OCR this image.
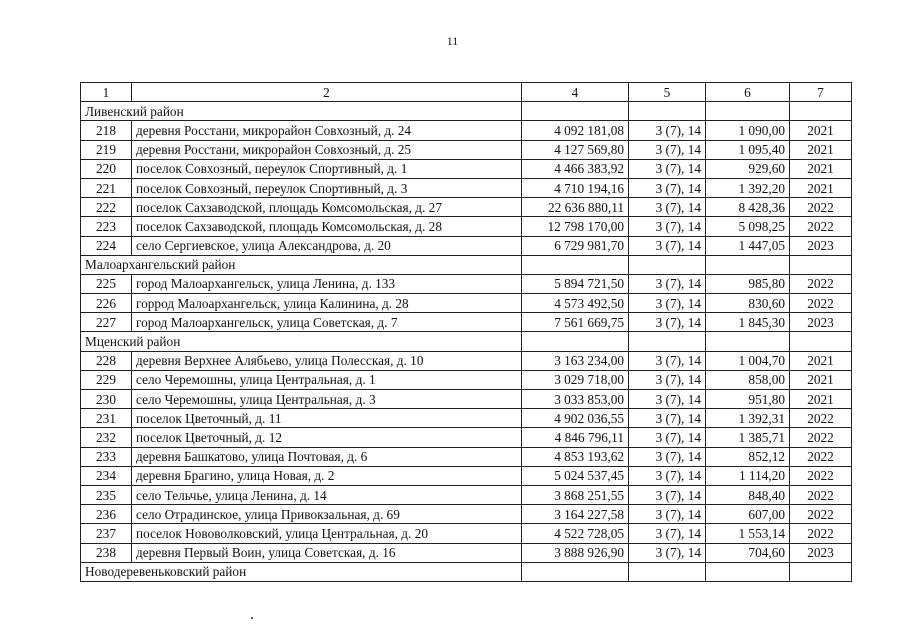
11
1	2	4	5	6	7
Ливенский район					
218	деревня Росстани, микрорайон Совхозный, д. 24	4 092 181,08	3 (7), 14	1 090,00	2021
219	деревня Росстани, микрорайон Совхозный, д. 25	4 127 569,80	3 (7), 14	1 095,40	2021
220	поселок Совхозный, переулок Спортивный, д. 1	4 466 383,92	3 (7), 14	929,60	2021
221	поселок Совхозный, переулок Спортивный, д. 3	4 710 194,16	3 (7), 14	1 392,20	2021
222	поселок Сахзаводской, площадь Комсомольская, д. 27	22 636 880,11	3 (7), 14	8 428,36	2022
223	поселок Сахзаводской, площадь Комсомольская, д. 28	12 798 170,00	3 (7), 14	5 098,25	2022
224	село Сергиевское, улица Александрова, д. 20	6 729 981,70	3 (7), 14	1 447,05	2023
Малоархангельский район					
225	город Малоархангельск, улица Ленина, д. 133	5 894 721,50	3 (7), 14	985,80	2022
226	горрод Малоархангельск, улица Калинина, д. 28	4 573 492,50	3 (7), 14	830,60	2022
227	город Малоархангельск, улица Советская, д. 7	7 561 669,75	3 (7), 14	1 845,30	2023
Мценский район					
228	деревня Верхнее Алябьево, улица Полесская, д. 10	3 163 234,00	3 (7), 14	1 004,70	2021
229	село Черемошны, улица Центральная, д. 1	3 029 718,00	3 (7), 14	858,00	2021
230	село Черемошны, улица Центральная, д. 3	3 033 853,00	3 (7), 14	951,80	2021
231	поселок Цветочный, д. 11	4 902 036,55	3 (7), 14	1 392,31	2022
232	поселок Цветочный, д. 12	4 846 796,11	3 (7), 14	1 385,71	2022
233	деревня Башкатово, улица Почтовая, д. 6	4 853 193,62	3 (7), 14	852,12	2022
234	деревня Брагино, улица Новая, д. 2	5 024 537,45	3 (7), 14	1 114,20	2022
235	село Тельчье, улица Ленина, д. 14	3 868 251,55	3 (7), 14	848,40	2022
236	село Отрадинское, улица Привокзальная, д. 69	3 164 227,58	3 (7), 14	607,00	2022
237	поселок Нововолковский, улица Центральная, д. 20	4 522 728,05	3 (7), 14	1 553,14	2022
238	деревня Первый Воин, улица Советская, д. 16	3 888 926,90	3 (7), 14	704,60	2023
Новодеревеньковский район					
